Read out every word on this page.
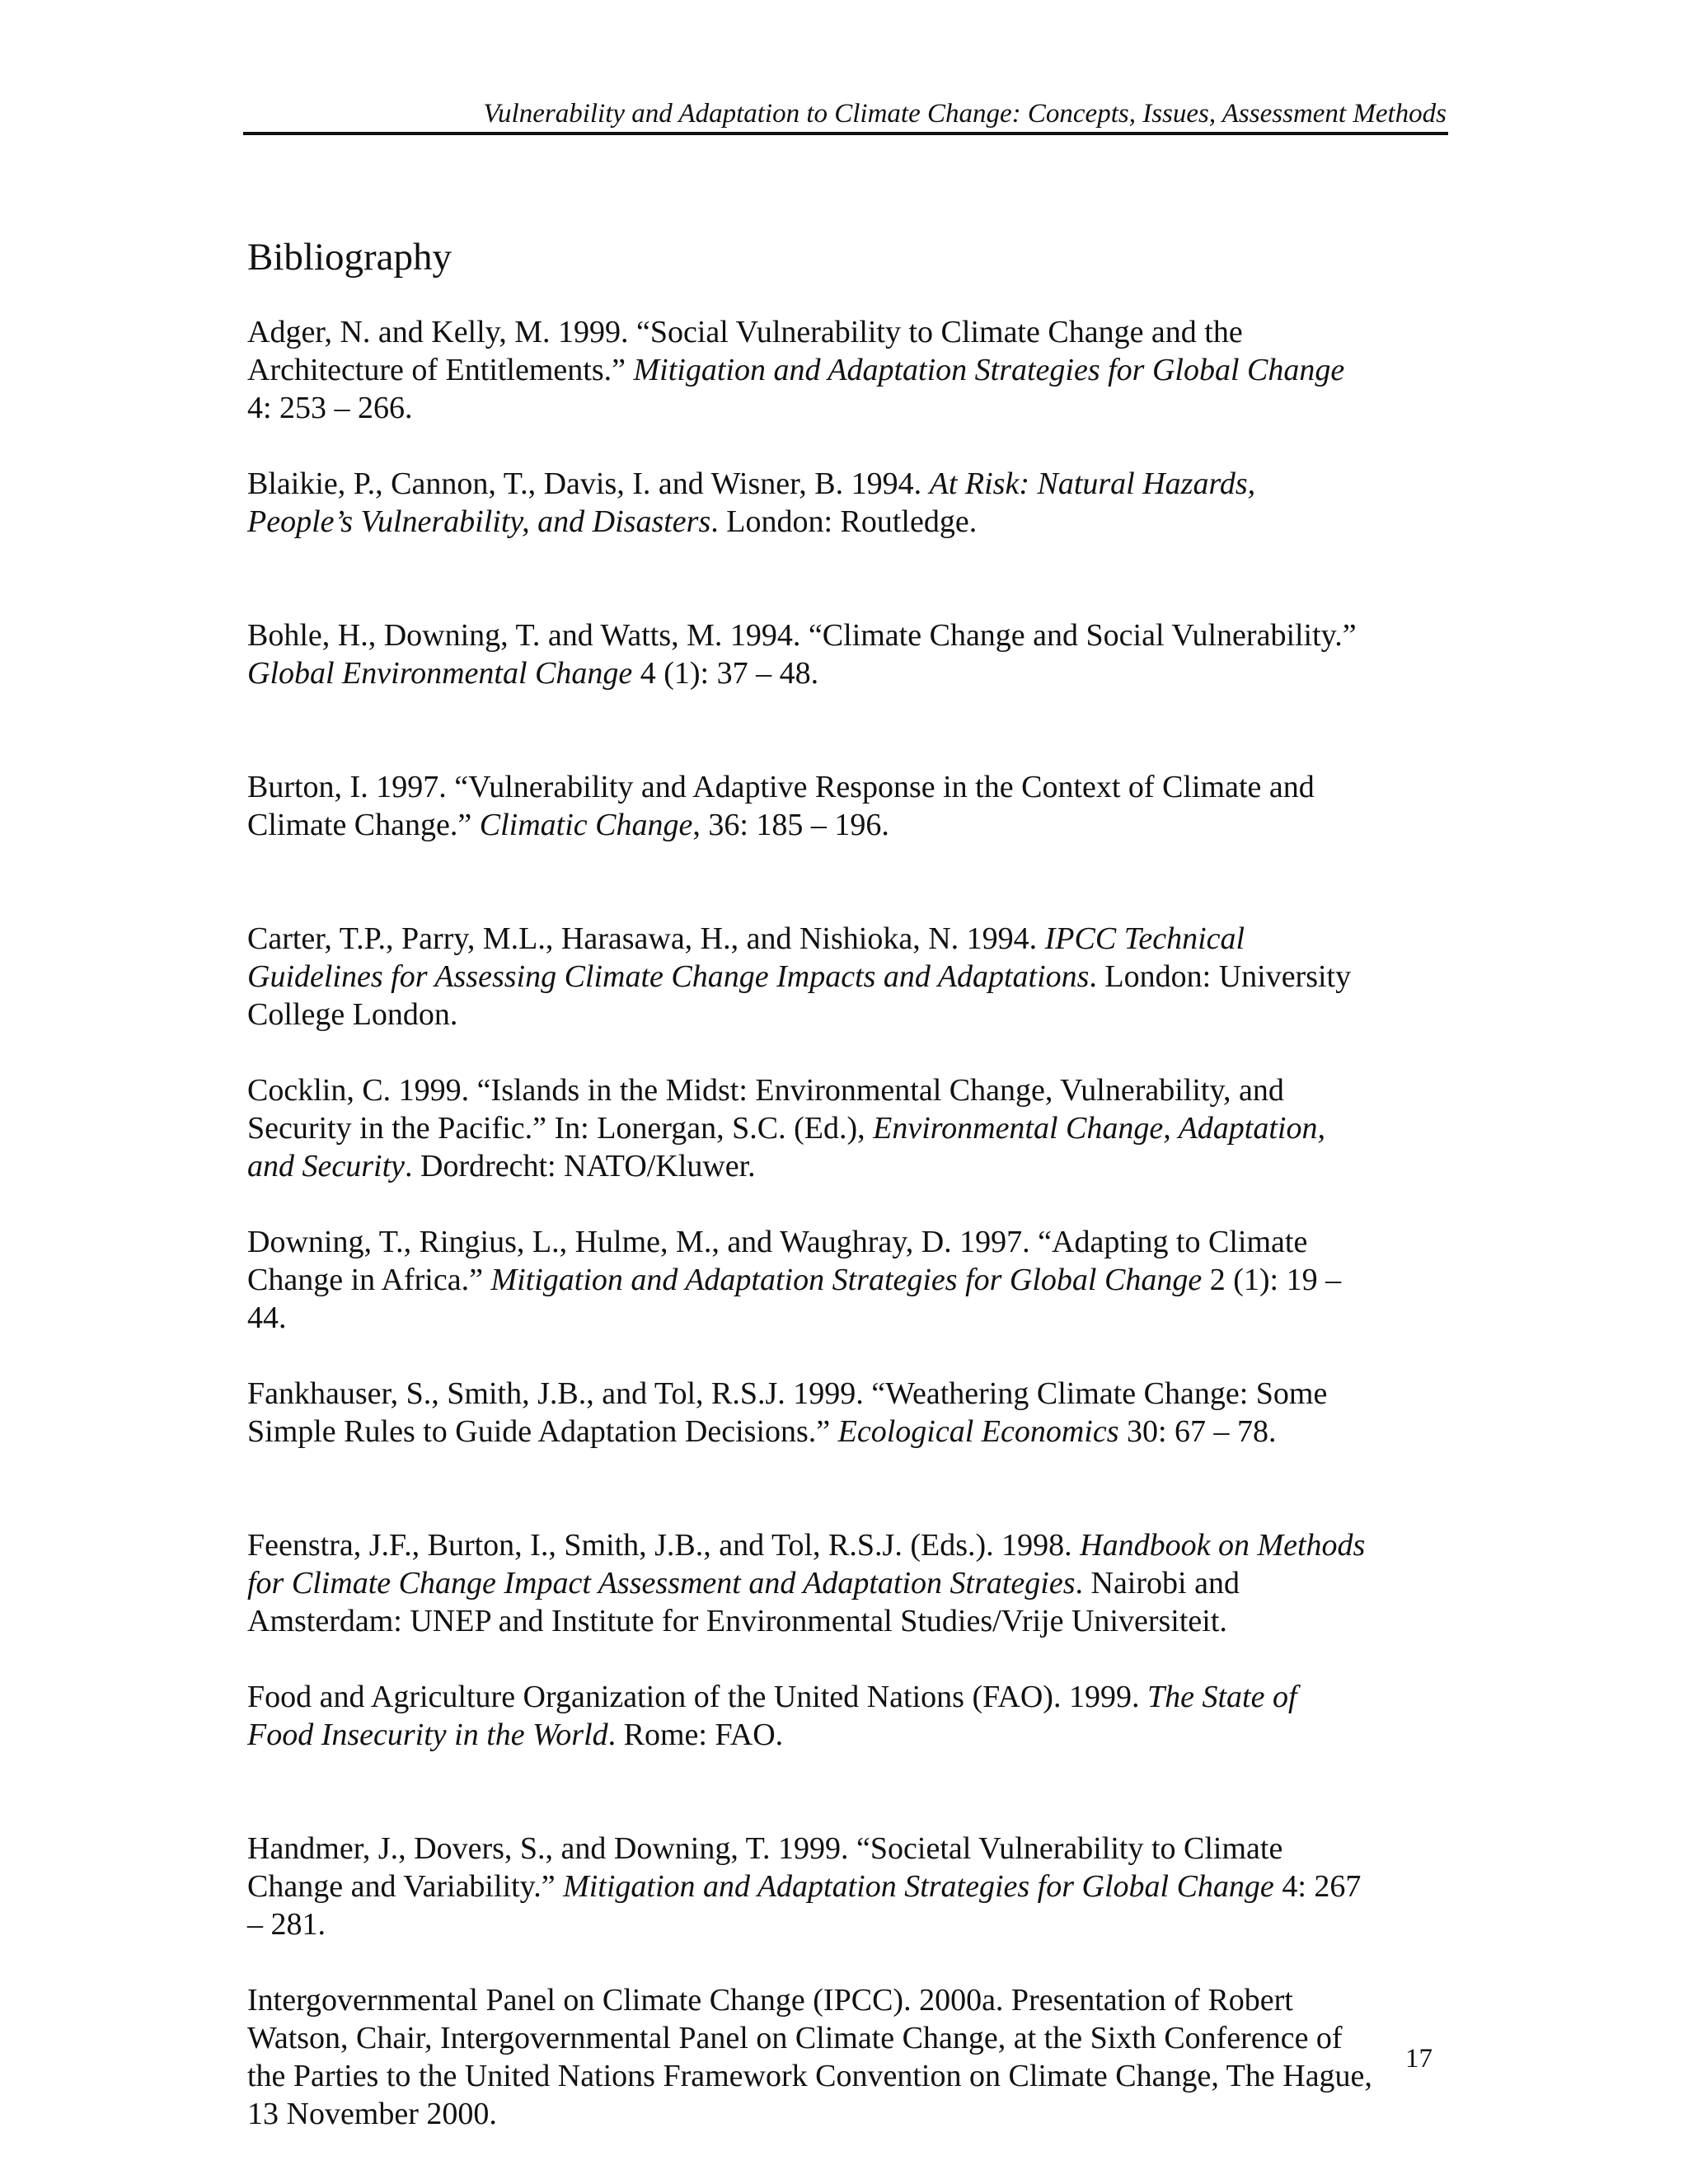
Vulnerability and Adaptation to Climate Change: Concepts, Issues, Assessment Methods
Bibliography
Adger, N. and Kelly, M. 1999. “Social Vulnerability to Climate Change and the
Architecture of Entitlements.” Mitigation and Adaptation Strategies for Global Change
4: 253 – 266.
Blaikie, P., Cannon, T., Davis, I. and Wisner, B. 1994. At Risk: Natural Hazards,
People’s Vulnerability, and Disasters. London: Routledge.
Bohle, H., Downing, T. and Watts, M. 1994. “Climate Change and Social Vulnerability.”
Global Environmental Change 4 (1): 37 – 48.
Burton, I. 1997. “Vulnerability and Adaptive Response in the Context of Climate and
Climate Change.” Climatic Change, 36: 185 – 196.
Carter, T.P., Parry, M.L., Harasawa, H., and Nishioka, N. 1994. IPCC Technical
Guidelines for Assessing Climate Change Impacts and Adaptations. London: University
College London.
Cocklin, C. 1999. “Islands in the Midst: Environmental Change, Vulnerability, and
Security in the Pacific.” In: Lonergan, S.C. (Ed.), Environmental Change, Adaptation,
and Security. Dordrecht: NATO/Kluwer.
Downing, T., Ringius, L., Hulme, M., and Waughray, D. 1997. “Adapting to Climate
Change in Africa.” Mitigation and Adaptation Strategies for Global Change 2 (1): 19 –
44.
Fankhauser, S., Smith, J.B., and Tol, R.S.J. 1999. “Weathering Climate Change: Some
Simple Rules to Guide Adaptation Decisions.” Ecological Economics 30: 67 – 78.
Feenstra, J.F., Burton, I., Smith, J.B., and Tol, R.S.J. (Eds.). 1998. Handbook on Methods
for Climate Change Impact Assessment and Adaptation Strategies. Nairobi and
Amsterdam: UNEP and Institute for Environmental Studies/Vrije Universiteit.
Food and Agriculture Organization of the United Nations (FAO). 1999. The State of
Food Insecurity in the World. Rome: FAO.
Handmer, J., Dovers, S., and Downing, T. 1999. “Societal Vulnerability to Climate
Change and Variability.” Mitigation and Adaptation Strategies for Global Change 4: 267
– 281.
Intergovernmental Panel on Climate Change (IPCC). 2000a. Presentation of Robert
Watson, Chair, Intergovernmental Panel on Climate Change, at the Sixth Conference of
the Parties to the United Nations Framework Convention on Climate Change, The Hague,
13 November 2000.
17
